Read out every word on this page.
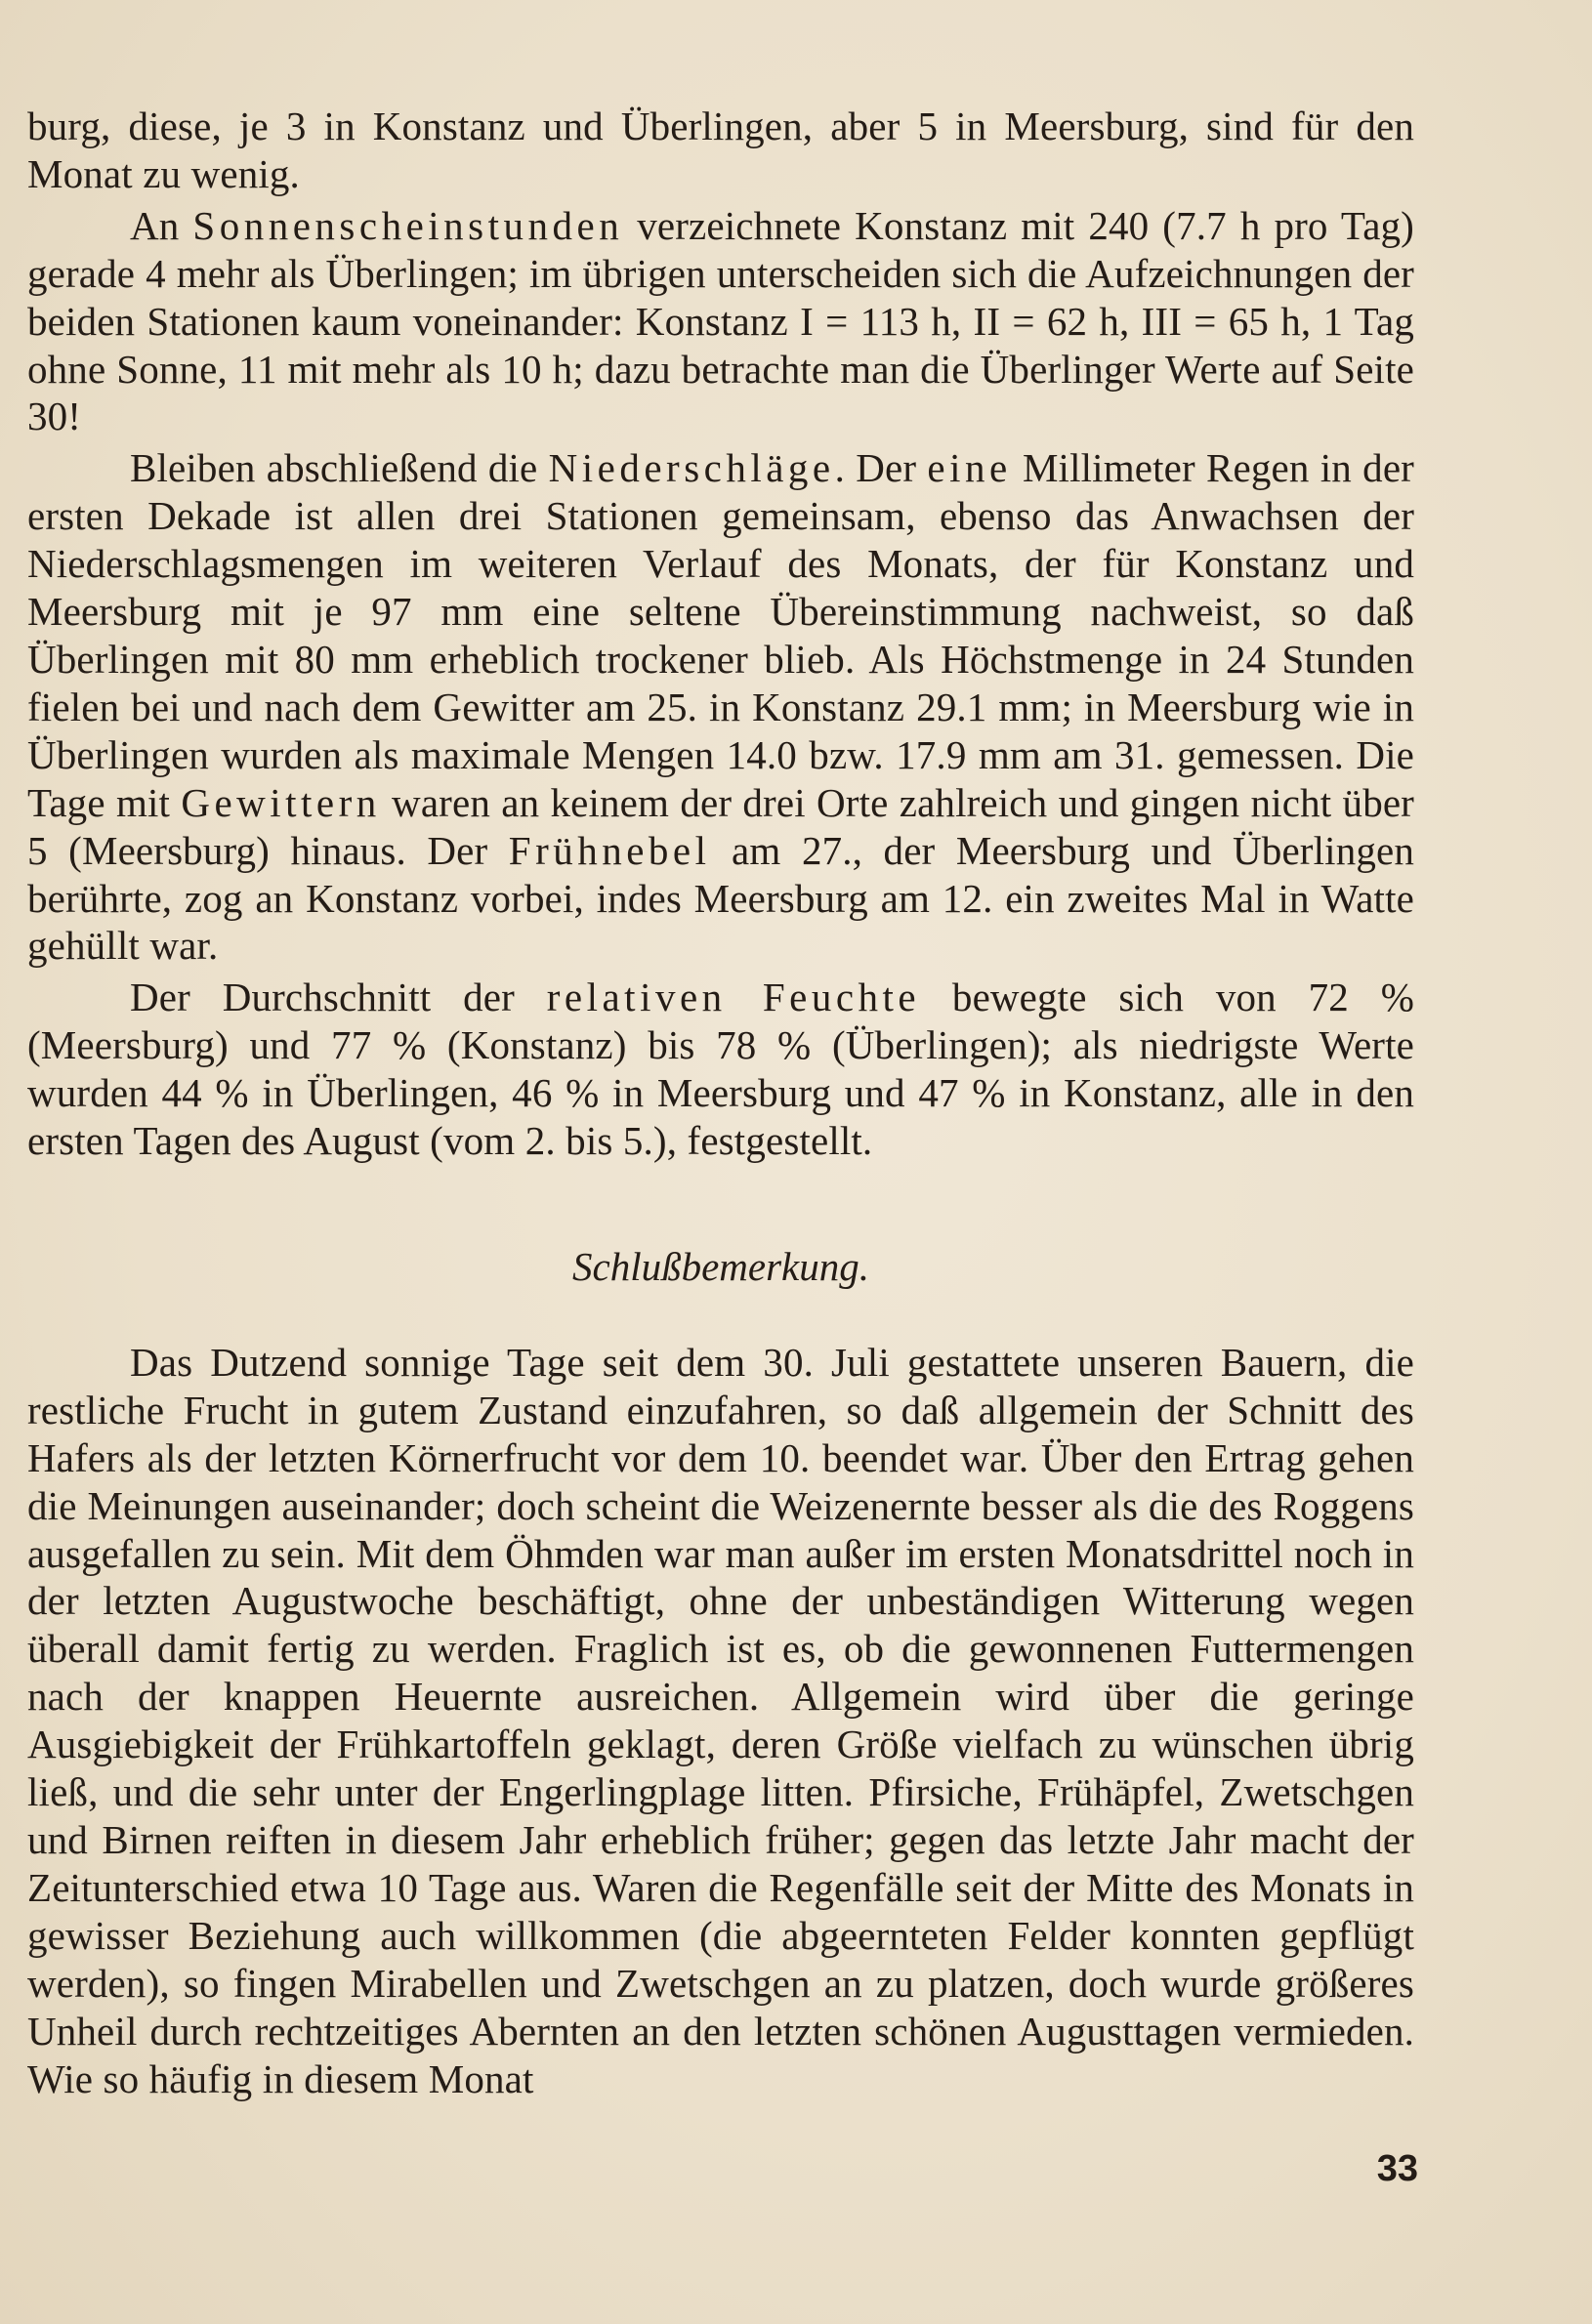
burg, diese, je 3 in Konstanz und Überlingen, aber 5 in Meersburg, sind für den Monat zu wenig.

An Sonnenscheinstunden verzeichnete Konstanz mit 240 (7.7 h pro Tag) gerade 4 mehr als Überlingen; im übrigen unterscheiden sich die Aufzeichnungen der beiden Stationen kaum voneinander: Konstanz I = 113 h, II = 62 h, III = 65 h, 1 Tag ohne Sonne, 11 mit mehr als 10 h; dazu betrachte man die Überlinger Werte auf Seite 30!

Bleiben abschließend die Niederschläge. Der eine Millimeter Regen in der ersten Dekade ist allen drei Stationen gemeinsam, ebenso das Anwachsen der Niederschlagsmengen im weiteren Verlauf des Monats, der für Konstanz und Meersburg mit je 97 mm eine seltene Übereinstimmung nachweist, so daß Überlingen mit 80 mm erheblich trockener blieb. Als Höchstmenge in 24 Stunden fielen bei und nach dem Gewitter am 25. in Konstanz 29.1 mm; in Meersburg wie in Überlingen wurden als maximale Mengen 14.0 bzw. 17.9 mm am 31. gemessen. Die Tage mit Gewittern waren an keinem der drei Orte zahlreich und gingen nicht über 5 (Meersburg) hinaus. Der Frühnebel am 27., der Meersburg und Überlingen berührte, zog an Konstanz vorbei, indes Meersburg am 12. ein zweites Mal in Watte gehüllt war.

Der Durchschnitt der relativen Feuchte bewegte sich von 72 % (Meersburg) und 77 % (Konstanz) bis 78 % (Überlingen); als niedrigste Werte wurden 44 % in Überlingen, 46 % in Meersburg und 47 % in Konstanz, alle in den ersten Tagen des August (vom 2. bis 5.), festgestellt.

Schlußbemerkung.

Das Dutzend sonnige Tage seit dem 30. Juli gestattete unseren Bauern, die restliche Frucht in gutem Zustand einzufahren, so daß allgemein der Schnitt des Hafers als der letzten Körnerfrucht vor dem 10. beendet war. Über den Ertrag gehen die Meinungen auseinander; doch scheint die Weizenernte besser als die des Roggens ausgefallen zu sein. Mit dem Öhmden war man außer im ersten Monatsdrittel noch in der letzten Augustwoche beschäftigt, ohne der unbeständigen Witterung wegen überall damit fertig zu werden. Fraglich ist es, ob die gewonnenen Futtermengen nach der knappen Heuernte ausreichen. Allgemein wird über die geringe Ausgiebigkeit der Frühkartoffeln geklagt, deren Größe vielfach zu wünschen übrig ließ, und die sehr unter der Engerlingplage litten. Pfirsiche, Frühäpfel, Zwetschgen und Birnen reiften in diesem Jahr erheblich früher; gegen das letzte Jahr macht der Zeitunterschied etwa 10 Tage aus. Waren die Regenfälle seit der Mitte des Monats in gewisser Beziehung auch willkommen (die abgeernteten Felder konnten gepflügt werden), so fingen Mirabellen und Zwetschgen an zu platzen, doch wurde größeres Unheil durch rechtzeitiges Abernten an den letzten schönen Augusttagen vermieden. Wie so häufig in diesem Monat

33
